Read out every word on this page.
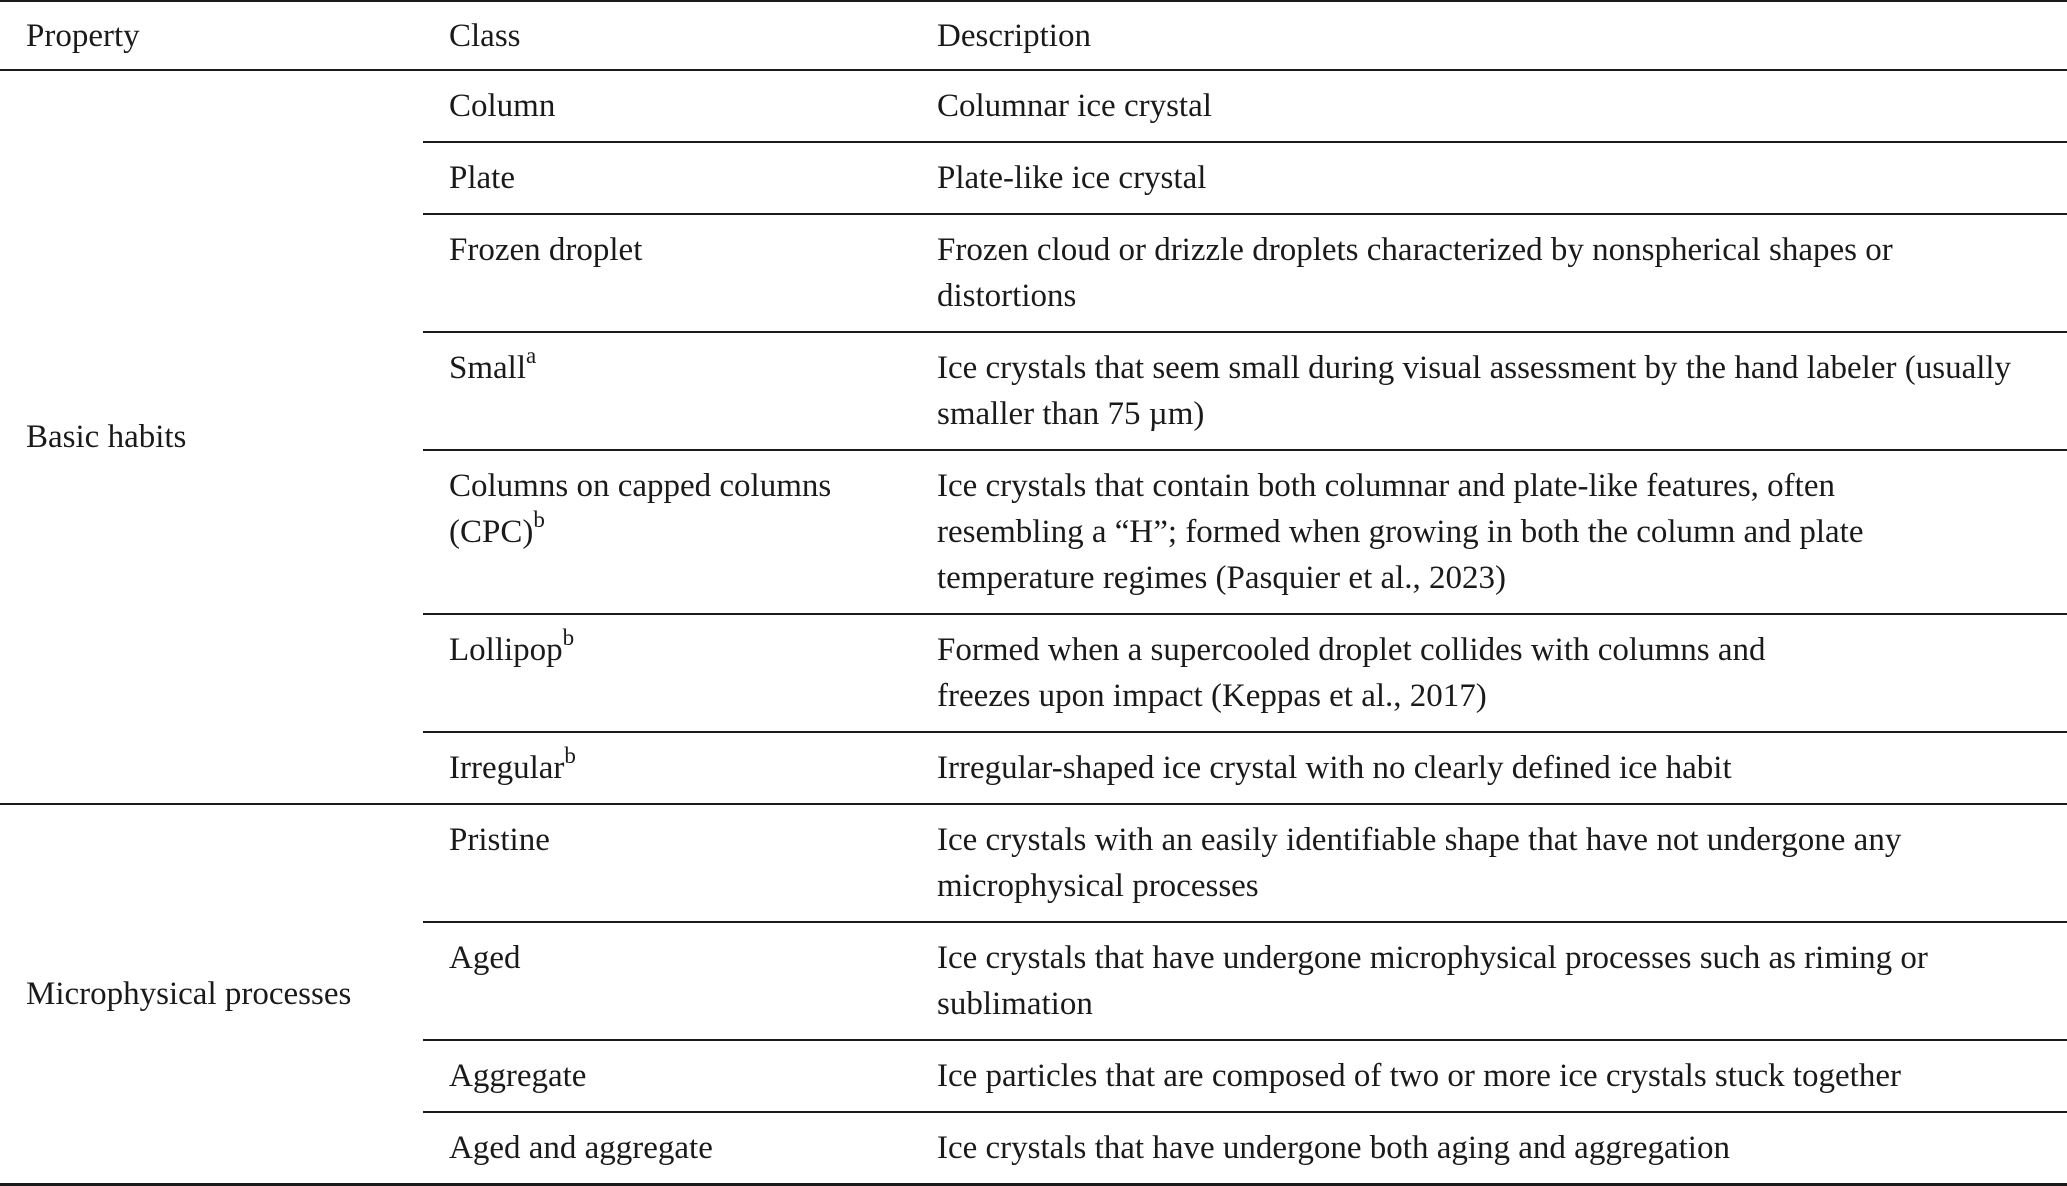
Property	Class	Description
Basic habits	Column	Columnar ice crystal
	Plate	Plate-like ice crystal
	Frozen droplet	Frozen cloud or drizzle droplets characterized by nonspherical shapes or distortions
	Small$^a$	Ice crystals that seem small during visual assessment by the hand labeler (usually smaller than 75 µm)
	Columns on capped columns (CPC)$^b$	Ice crystals that contain both columnar and plate-like features, often resembling a “H”; formed when growing in both the column and plate temperature regimes (Pasquier et al., 2023)
	Lollipop$^b$	Formed when a supercooled droplet collides with columns and freezes upon impact (Keppas et al., 2017)
	Irregular$^b$	Irregular-shaped ice crystal with no clearly defined ice habit
Microphysical processes	Pristine	Ice crystals with an easily identifiable shape that have not undergone any microphysical processes
	Aged	Ice crystals that have undergone microphysical processes such as riming or sublimation
	Aggregate	Ice particles that are composed of two or more ice crystals stuck together
	Aged and aggregate	Ice crystals that have undergone both aging and aggregation
